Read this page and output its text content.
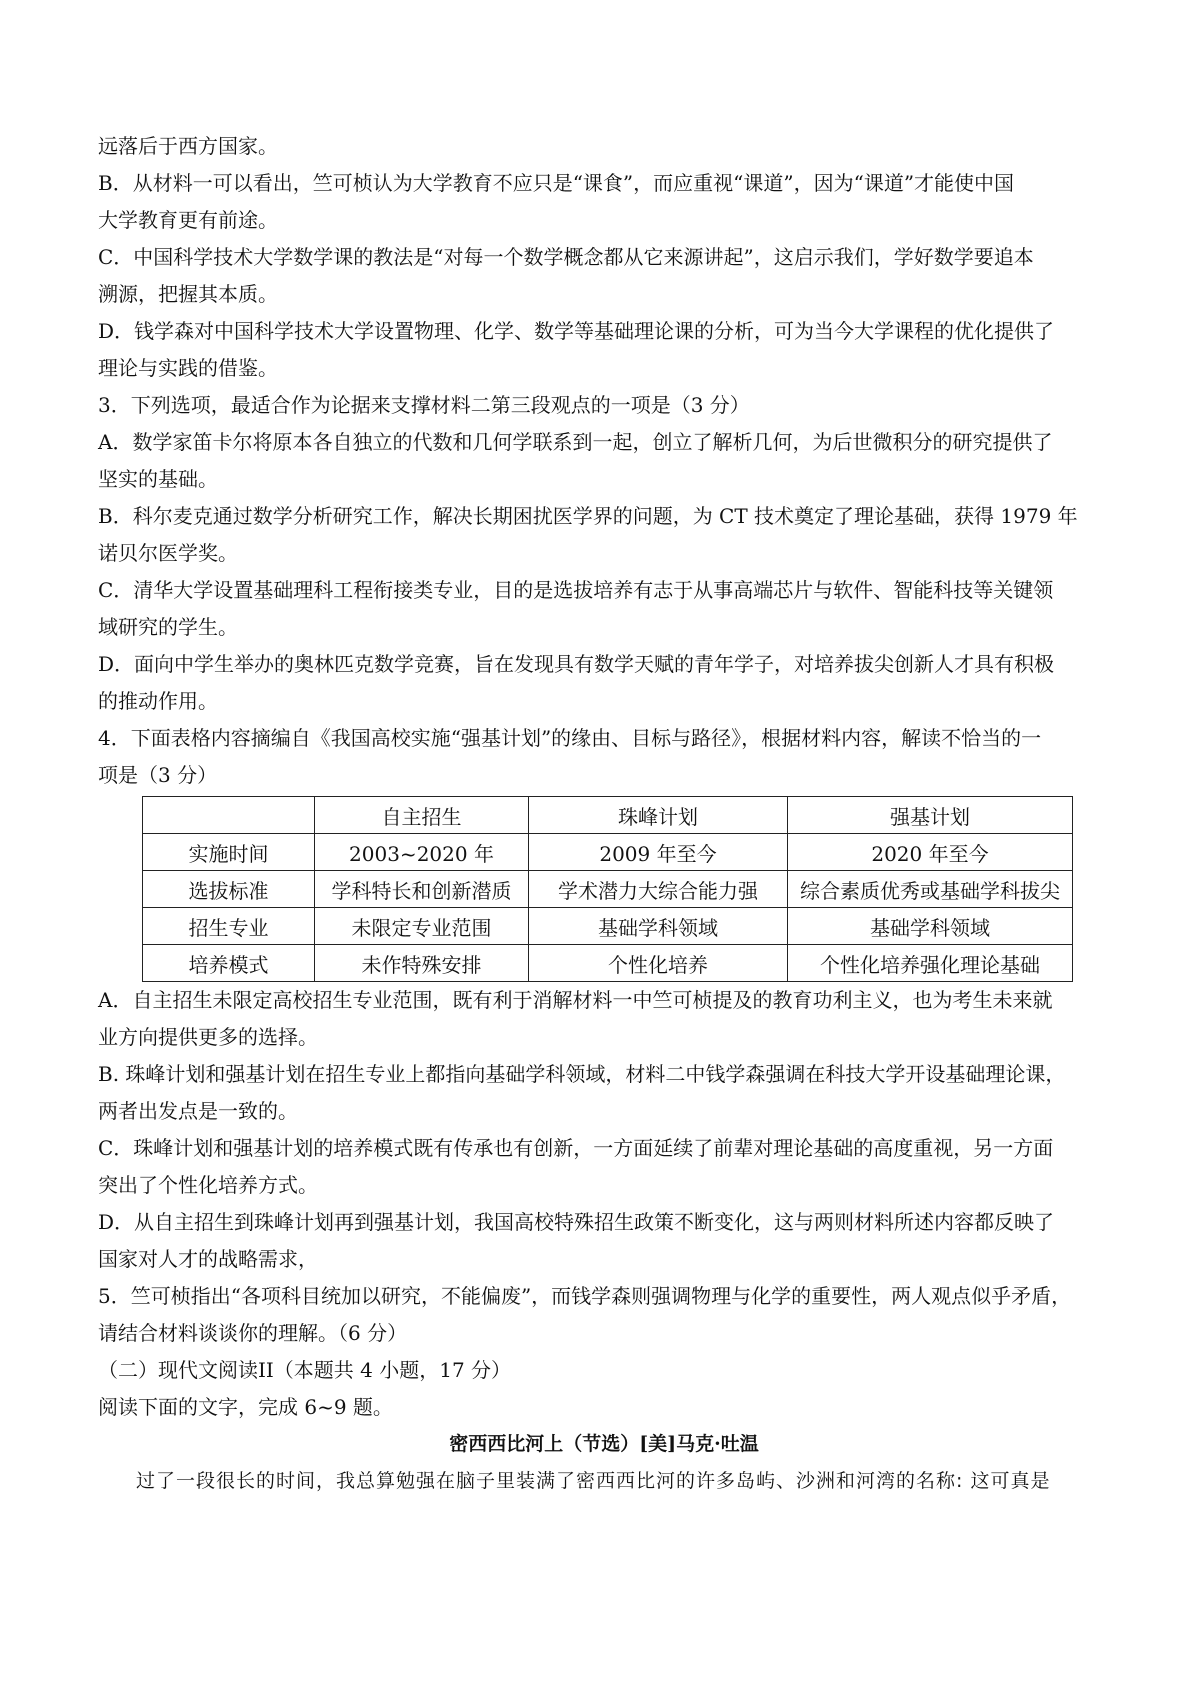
远落后于西方国家。

B．从材料一可以看出，竺可桢认为大学教育不应只是“课食”，而应重视“课道”，因为“课道”才能使中国

大学教育更有前途。

C．中国科学技术大学数学课的教法是“对每一个数学概念都从它来源讲起”，这启示我们，学好数学要追本

溯源，把握其本质。

D．钱学森对中国科学技术大学设置物理、化学、数学等基础理论课的分析，可为当今大学课程的优化提供了

理论与实践的借鉴。

3．下列选项，最适合作为论据来支撑材料二第三段观点的一项是（3 分）

A．数学家笛卡尔将原本各自独立的代数和几何学联系到一起，创立了解析几何，为后世微积分的研究提供了

坚实的基础。

B．科尔麦克通过数学分析研究工作，解决长期困扰医学界的问题，为 CT 技术奠定了理论基础，获得 1979 年

诺贝尔医学奖。

C．清华大学设置基础理科工程衔接类专业，目的是选拔培养有志于从事高端芯片与软件、智能科技等关键领

域研究的学生。

D．面向中学生举办的奥林匹克数学竞赛，旨在发现具有数学天赋的青年学子，对培养拔尖创新人才具有积极

的推动作用。

4．下面表格内容摘编自《我国高校实施“强基计划”的缘由、目标与路径》，根据材料内容，解读不恰当的一

项是（3 分）

	自主招生	珠峰计划	强基计划
实施时间	2003~2020 年	2009 年至今	2020 年至今
选拔标准	学科特长和创新潜质	学术潜力大综合能力强	综合素质优秀或基础学科拔尖
招生专业	未限定专业范围	基础学科领域	基础学科领域
培养模式	未作特殊安排	个性化培养	个性化培养强化理论基础

A．自主招生未限定高校招生专业范围，既有利于消解材料一中竺可桢提及的教育功利主义，也为考生未来就

业方向提供更多的选择。

B. 珠峰计划和强基计划在招生专业上都指向基础学科领域，材料二中钱学森强调在科技大学开设基础理论课，

两者出发点是一致的。

C．珠峰计划和强基计划的培养模式既有传承也有创新，一方面延续了前辈对理论基础的高度重视，另一方面

突出了个性化培养方式。

D．从自主招生到珠峰计划再到强基计划，我国高校特殊招生政策不断变化，这与两则材料所述内容都反映了

国家对人才的战略需求，

5．竺可桢指出“各项科目统加以研究，不能偏废”，而钱学森则强调物理与化学的重要性，两人观点似乎矛盾，

请结合材料谈谈你的理解。（6 分）

（二）现代文阅读II（本题共 4 小题，17 分）

阅读下面的文字，完成 6~9 题。

密西西比河上（节选）[美]马克·吐温

过了一段很长的时间，我总算勉强在脑子里装满了密西西比河的许多岛屿、沙洲和河湾的名称: 这可真是
